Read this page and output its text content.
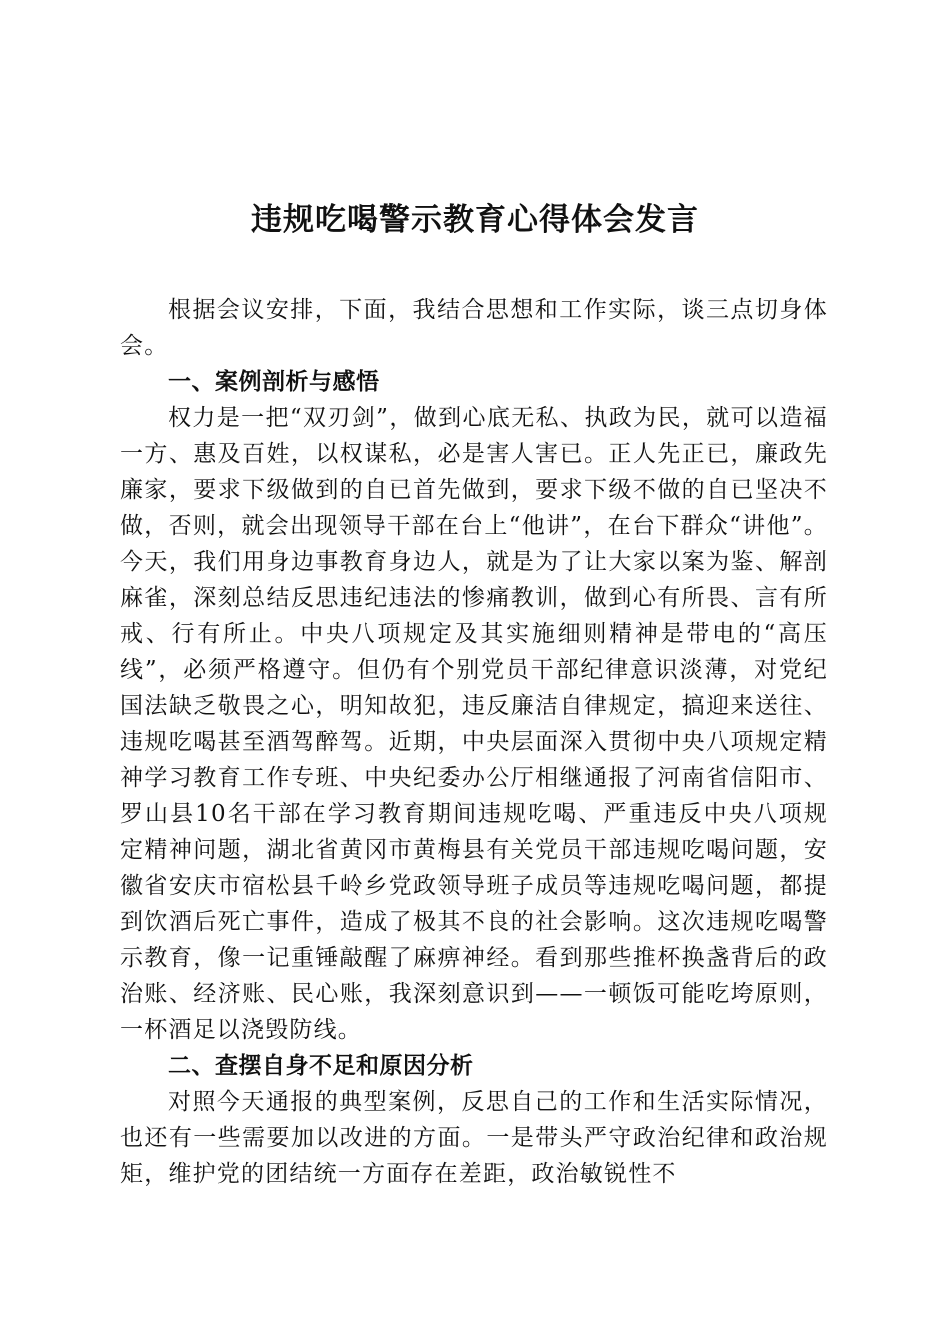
违规吃喝警示教育心得体会发言

根据会议安排，下面，我结合思想和工作实际，谈三点切身体会。

一、案例剖析与感悟

权力是一把“双刃剑”，做到心底无私、执政为民，就可以造福一方、惠及百姓，以权谋私，必是害人害已。正人先正已，廉政先廉家，要求下级做到的自已首先做到，要求下级不做的自已坚决不做，否则，就会出现领导干部在台上“他讲”，在台下群众“讲他”。今天，我们用身边事教育身边人，就是为了让大家以案为鉴、解剖麻雀，深刻总结反思违纪违法的惨痛教训，做到心有所畏、言有所戒、行有所止。中央八项规定及其实施细则精神是带电的“高压线”，必须严格遵守。但仍有个别党员干部纪律意识淡薄，对党纪国法缺乏敬畏之心，明知故犯，违反廉洁自律规定，搞迎来送往、违规吃喝甚至酒驾醉驾。近期，中央层面深入贯彻中央八项规定精神学习教育工作专班、中央纪委办公厅相继通报了河南省信阳市、罗山县10名干部在学习教育期间违规吃喝、严重违反中央八项规定精神问题，湖北省黄冈市黄梅县有关党员干部违规吃喝问题，安徽省安庆市宿松县千岭乡党政领导班子成员等违规吃喝问题，都提到饮酒后死亡事件，造成了极其不良的社会影响。这次违规吃喝警示教育，像一记重锤敲醒了麻痹神经。看到那些推杯换盏背后的政治账、经济账、民心账，我深刻意识到——一顿饭可能吃垮原则，一杯酒足以浇毁防线。

二、查摆自身不足和原因分析

对照今天通报的典型案例，反思自己的工作和生活实际情况，也还有一些需要加以改进的方面。一是带头严守政治纪律和政治规矩，维护党的团结统一方面存在差距，政治敏锐性不
